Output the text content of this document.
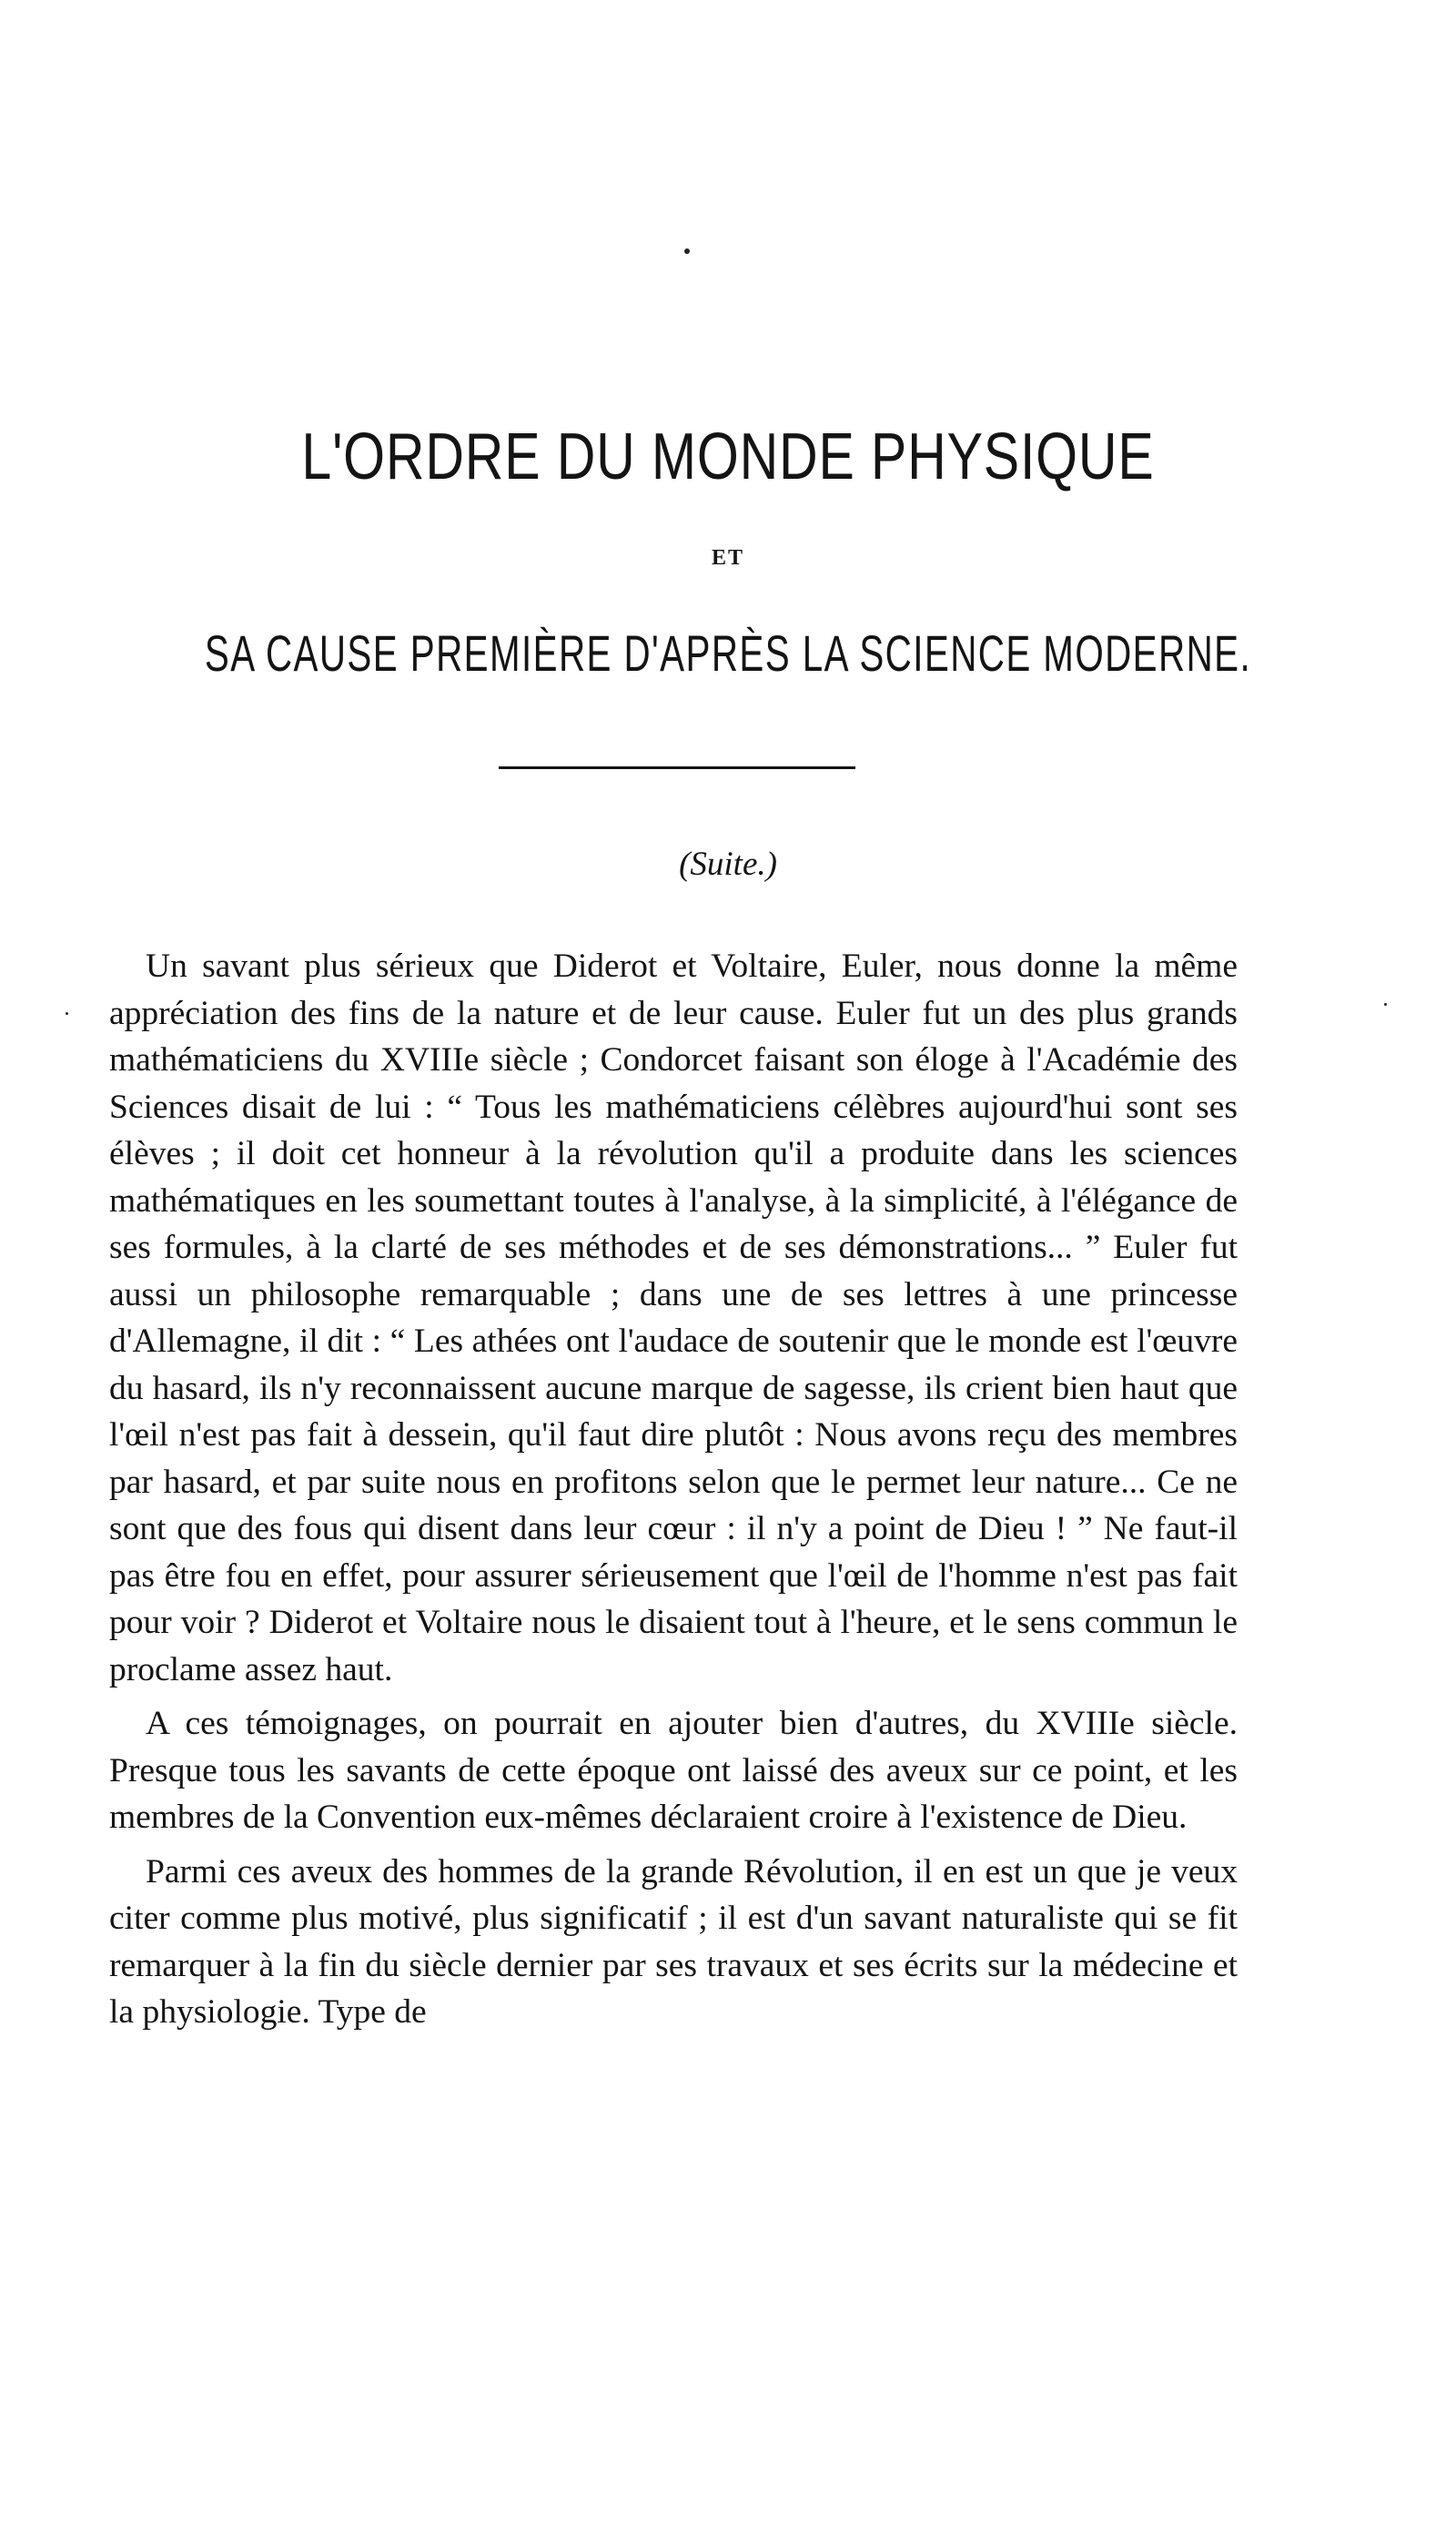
L'ORDRE DU MONDE PHYSIQUE
ET
SA CAUSE PREMIÈRE D'APRÈS LA SCIENCE MODERNE.
(Suite.)

Un savant plus sérieux que Diderot et Voltaire, Euler, nous donne la même appréciation des fins de la nature et de leur cause. Euler fut un des plus grands mathématiciens du XVIIIe siècle ; Condorcet faisant son éloge à l'Académie des Sciences disait de lui : “ Tous les mathématiciens célèbres aujourd'hui sont ses élèves ; il doit cet honneur à la révolution qu'il a produite dans les sciences mathématiques en les soumettant toutes à l'analyse, à la simplicité, à l'élégance de ses formules, à la clarté de ses méthodes et de ses démonstrations... ” Euler fut aussi un philosophe remarquable ; dans une de ses lettres à une princesse d'Allemagne, il dit : “ Les athées ont l'audace de soutenir que le monde est l'œuvre du hasard, ils n'y reconnaissent aucune marque de sagesse, ils crient bien haut que l'œil n'est pas fait à dessein, qu'il faut dire plutôt : Nous avons reçu des membres par hasard, et par suite nous en profitons selon que le permet leur nature... Ce ne sont que des fous qui disent dans leur cœur : il n'y a point de Dieu ! ” Ne faut-il pas être fou en effet, pour assurer sérieusement que l'œil de l'homme n'est pas fait pour voir ? Diderot et Voltaire nous le disaient tout à l'heure, et le sens commun le proclame assez haut.

A ces témoignages, on pourrait en ajouter bien d'autres, du XVIIIe siècle. Presque tous les savants de cette époque ont laissé des aveux sur ce point, et les membres de la Convention eux-mêmes déclaraient croire à l'existence de Dieu.

Parmi ces aveux des hommes de la grande Révolution, il en est un que je veux citer comme plus motivé, plus significatif ; il est d'un savant naturaliste qui se fit remarquer à la fin du siècle dernier par ses travaux et ses écrits sur la médecine et la physiologie. Type de
